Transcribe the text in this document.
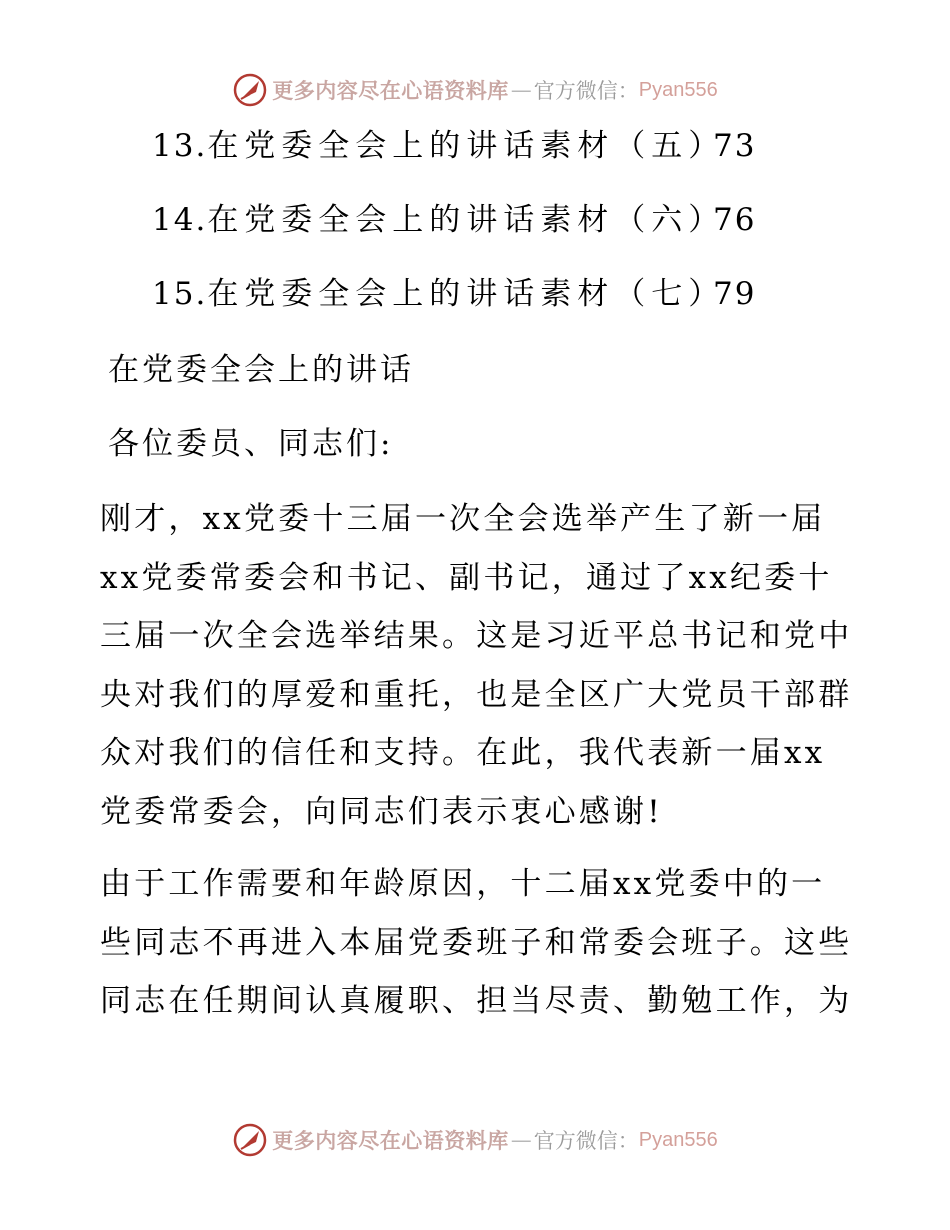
更多内容尽在心语资料库 — 官方微信： Pyan556
13.在党委全会上的讲话素材（五）
73
14.在党委全会上的讲话素材（六）
76
15.在党委全会上的讲话素材（七）
79
在党委全会上的讲话
各位委员、同志们:
刚才，xx党委十三届一次全会选举产生了新一届
xx党委常委会和书记、副书记，通过了xx纪委十
三届一次全会选举结果。这是习近平总书记和党中
央对我们的厚爱和重托，也是全区广大党员干部群
众对我们的信任和支持。在此，我代表新一届xx
党委常委会，向同志们表示衷心感谢!
由于工作需要和年龄原因，十二届xx党委中的一
些同志不再进入本届党委班子和常委会班子。这些
同志在任期间认真履职、担当尽责、勤勉工作，为
更多内容尽在心语资料库 — 官方微信： Pyan556
